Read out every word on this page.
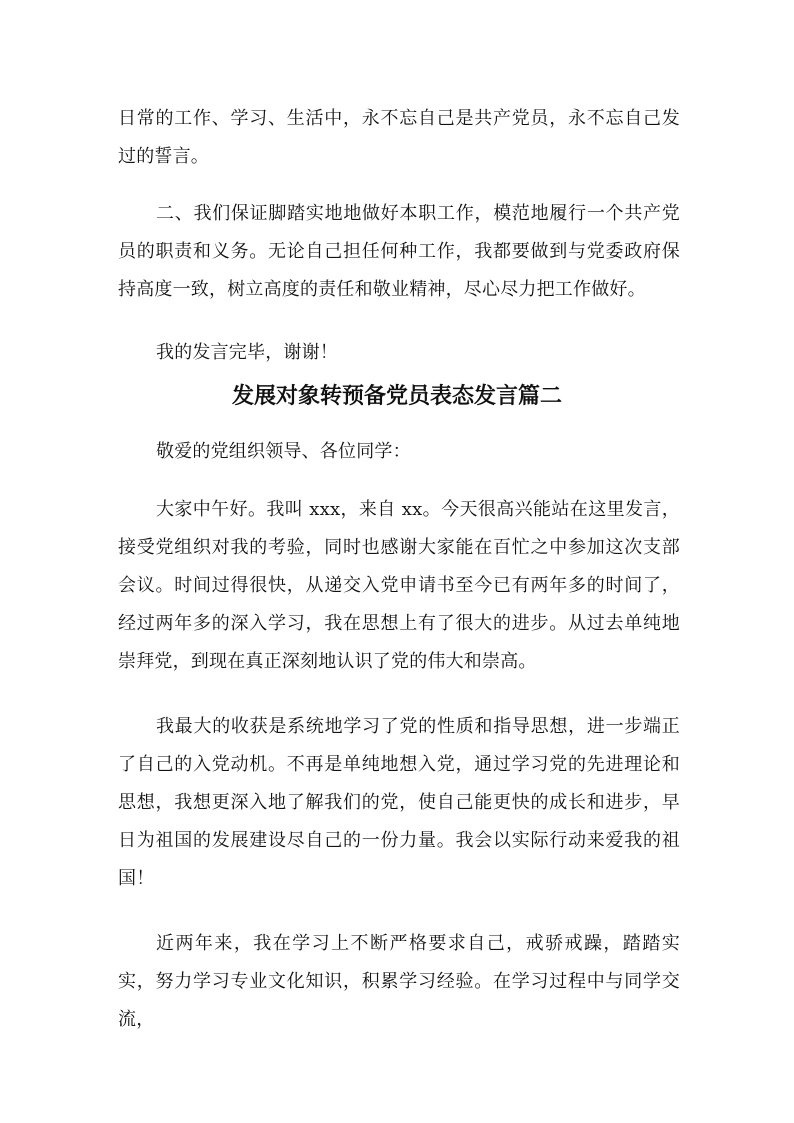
日常的工作、学习、生活中，永不忘自己是共产党员，永不忘自己发过的誓言。

二、我们保证脚踏实地地做好本职工作，模范地履行一个共产党员的职责和义务。无论自己担任何种工作，我都要做到与党委政府保持高度一致，树立高度的责任和敬业精神，尽心尽力把工作做好。

我的发言完毕，谢谢！

发展对象转预备党员表态发言篇二

敬爱的党组织领导、各位同学：

大家中午好。我叫 xxx，来自 xx。今天很高兴能站在这里发言，接受党组织对我的考验，同时也感谢大家能在百忙之中参加这次支部会议。时间过得很快，从递交入党申请书至今已有两年多的时间了，经过两年多的深入学习，我在思想上有了很大的进步。从过去单纯地崇拜党，到现在真正深刻地认识了党的伟大和崇高。

我最大的收获是系统地学习了党的性质和指导思想，进一步端正了自己的入党动机。不再是单纯地想入党，通过学习党的先进理论和思想，我想更深入地了解我们的党，使自己能更快的成长和进步，早日为祖国的发展建设尽自己的一份力量。我会以实际行动来爱我的祖国！

近两年来，我在学习上不断严格要求自己，戒骄戒躁，踏踏实实，努力学习专业文化知识，积累学习经验。在学习过程中与同学交流，
